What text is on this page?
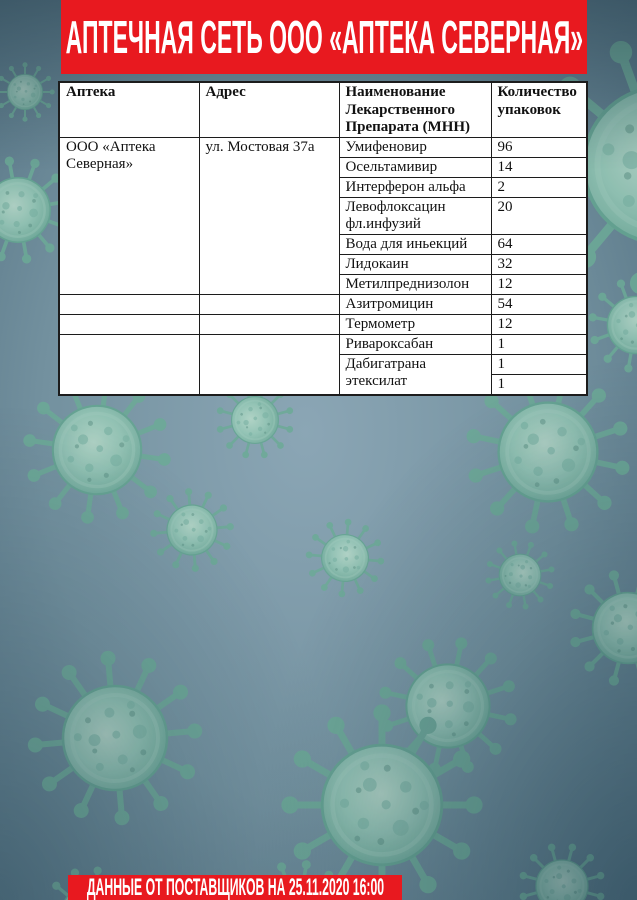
АПТЕЧНАЯ СЕТЬ ООО «АПТЕКА СЕВЕРНАЯ»
Аптека	Адрес	Наименование Лекарственного Препарата (МНН)	Количество упаковок
ООО «Аптека Северная»	ул. Мостовая 37а	Умифеновир	96
		Осельтамивир	14
		Интерферон альфа	2
		Левофлоксацин фл.инфузий	20
		Вода для иньекций	64
		Лидокаин	32
		Метилпреднизолон	12
		Азитромицин	54
		Термометр	12
		Ривароксабан	1
		Дабигатрана этексилат	1
			1
ДАННЫЕ ОТ ПОСТАВЩИКОВ НА 25.11.2020 16:00
